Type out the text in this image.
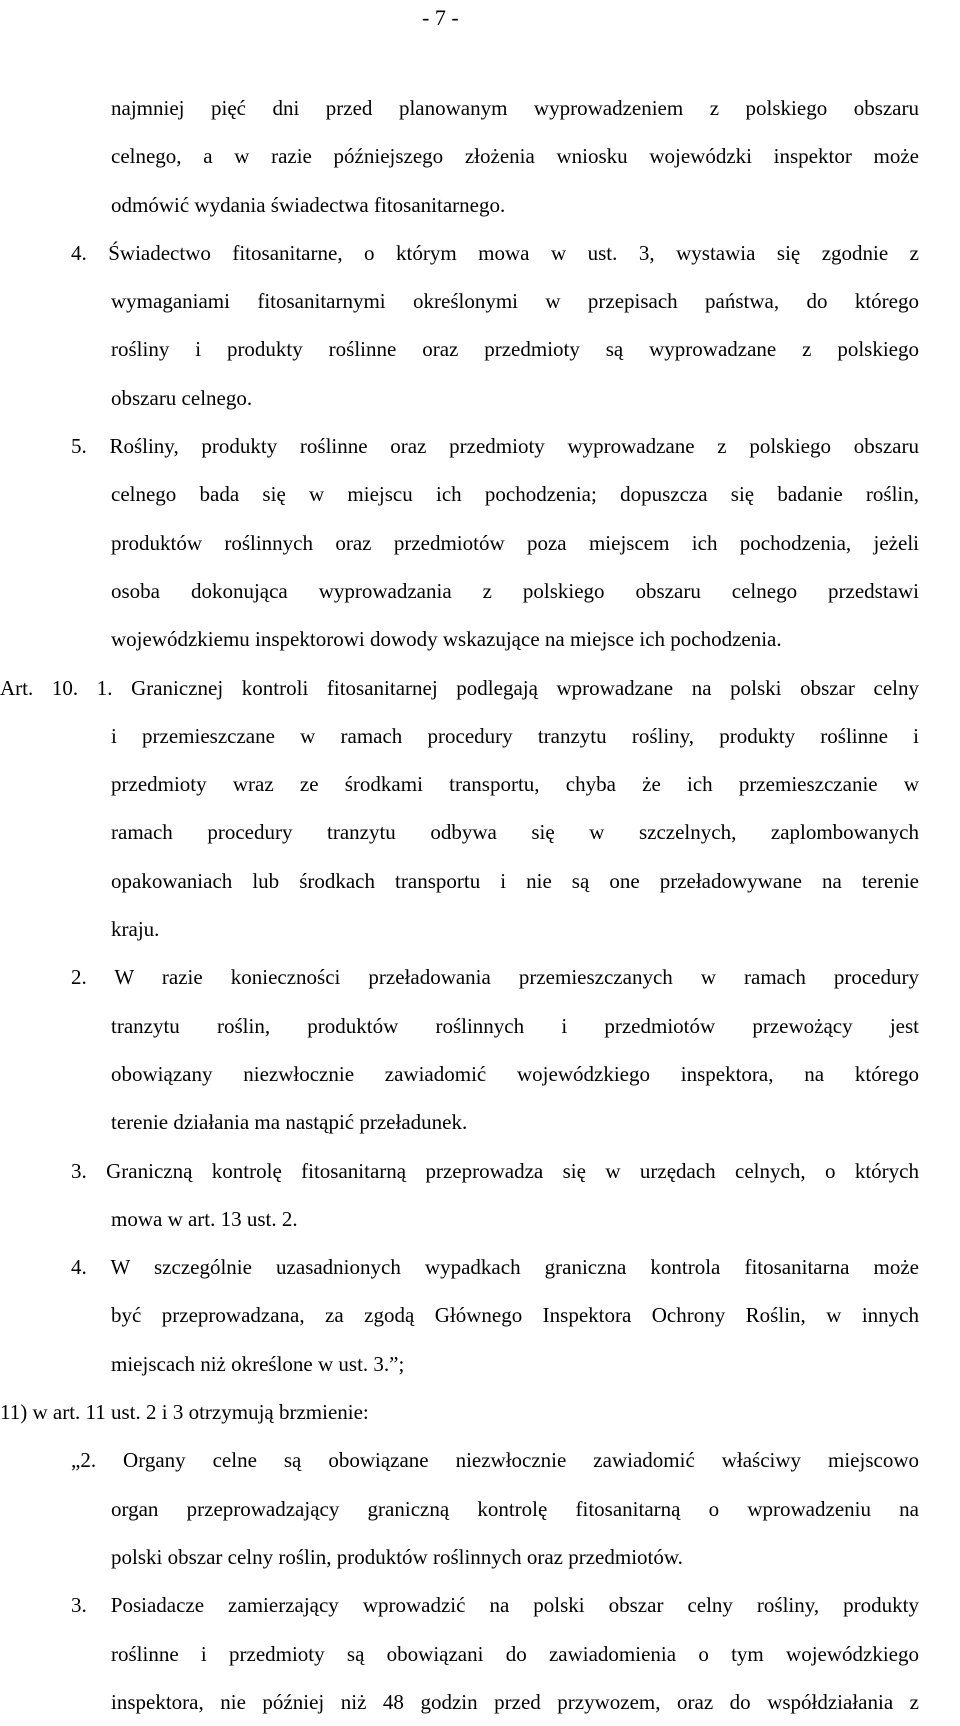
- 7 -
najmniej pięć dni przed planowanym wyprowadzeniem z polskiego obszaru
celnego, a w razie późniejszego złożenia wniosku wojewódzki inspektor może
odmówić wydania świadectwa fitosanitarnego.
4. Świadectwo fitosanitarne, o którym mowa w ust. 3, wystawia się zgodnie z
wymaganiami fitosanitarnymi określonymi w przepisach państwa, do którego
rośliny i produkty roślinne oraz przedmioty są wyprowadzane z polskiego
obszaru celnego.
5. Rośliny, produkty roślinne oraz przedmioty wyprowadzane z polskiego obszaru
celnego bada się w miejscu ich pochodzenia; dopuszcza się badanie roślin,
produktów roślinnych oraz przedmiotów poza miejscem ich pochodzenia, jeżeli
osoba dokonująca wyprowadzania z polskiego obszaru celnego przedstawi
wojewódzkiemu inspektorowi dowody wskazujące na miejsce ich pochodzenia.
Art. 10. 1. Granicznej kontroli fitosanitarnej podlegają wprowadzane na polski obszar celny
i przemieszczane w ramach procedury tranzytu rośliny, produkty roślinne i
przedmioty wraz ze środkami transportu, chyba że ich przemieszczanie w
ramach procedury tranzytu odbywa się w szczelnych, zaplombowanych
opakowaniach lub środkach transportu i nie są one przeładowywane na terenie
kraju.
2. W razie konieczności przeładowania przemieszczanych w ramach procedury
tranzytu roślin, produktów roślinnych i przedmiotów przewożący jest
obowiązany niezwłocznie zawiadomić wojewódzkiego inspektora, na którego
terenie działania ma nastąpić przeładunek.
3. Graniczną kontrolę fitosanitarną przeprowadza się w urzędach celnych, o których
mowa w art. 13 ust. 2.
4. W szczególnie uzasadnionych wypadkach graniczna kontrola fitosanitarna może
być przeprowadzana, za zgodą Głównego Inspektora Ochrony Roślin, w innych
miejscach niż określone w ust. 3.”;
11) w art. 11 ust. 2 i 3 otrzymują brzmienie:
„2. Organy celne są obowiązane niezwłocznie zawiadomić właściwy miejscowo
organ przeprowadzający graniczną kontrolę fitosanitarną o wprowadzeniu na
polski obszar celny roślin, produktów roślinnych oraz przedmiotów.
3. Posiadacze zamierzający wprowadzić na polski obszar celny rośliny, produkty
roślinne i przedmioty są obowiązani do zawiadomienia o tym wojewódzkiego
inspektora, nie później niż 48 godzin przed przywozem, oraz do współdziałania z
